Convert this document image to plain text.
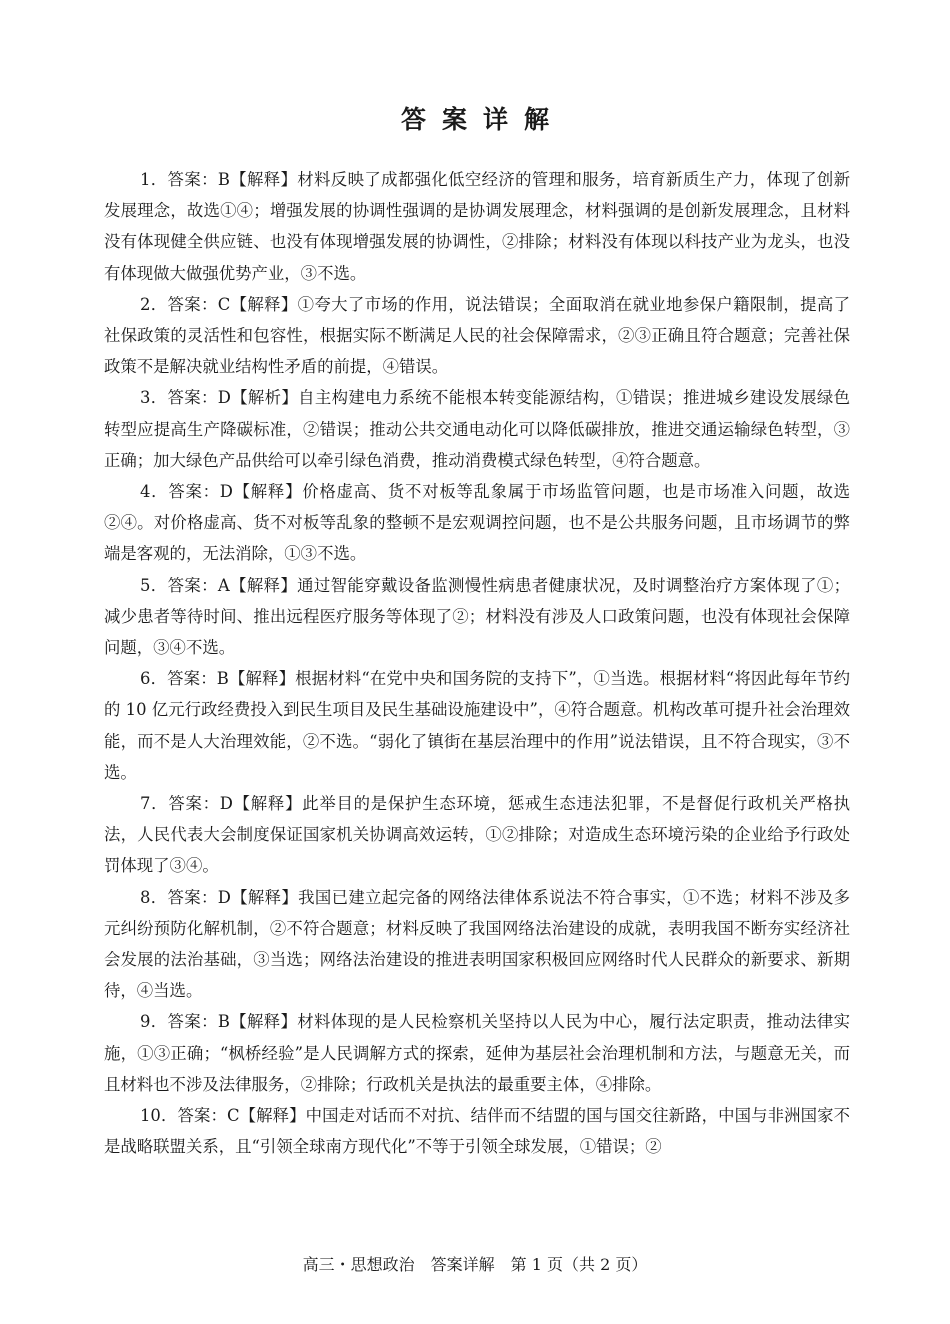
答案详解

1．答案：B【解释】材料反映了成都强化低空经济的管理和服务，培育新质生产力，体现了创新发展理念，故选①④；增强发展的协调性强调的是协调发展理念，材料强调的是创新发展理念，且材料没有体现健全供应链、也没有体现增强发展的协调性，②排除；材料没有体现以科技产业为龙头，也没有体现做大做强优势产业，③不选。

2．答案：C【解释】①夸大了市场的作用，说法错误；全面取消在就业地参保户籍限制，提高了社保政策的灵活性和包容性，根据实际不断满足人民的社会保障需求，②③正确且符合题意；完善社保政策不是解决就业结构性矛盾的前提，④错误。

3．答案：D【解析】自主构建电力系统不能根本转变能源结构，①错误；推进城乡建设发展绿色转型应提高生产降碳标准，②错误；推动公共交通电动化可以降低碳排放，推进交通运输绿色转型，③正确；加大绿色产品供给可以牵引绿色消费，推动消费模式绿色转型，④符合题意。

4．答案：D【解释】价格虚高、货不对板等乱象属于市场监管问题，也是市场准入问题，故选②④。对价格虚高、货不对板等乱象的整顿不是宏观调控问题，也不是公共服务问题，且市场调节的弊端是客观的，无法消除，①③不选。

5．答案：A【解释】通过智能穿戴设备监测慢性病患者健康状况，及时调整治疗方案体现了①；减少患者等待时间、推出远程医疗服务等体现了②；材料没有涉及人口政策问题，也没有体现社会保障问题，③④不选。

6．答案：B【解释】根据材料“在党中央和国务院的支持下”，①当选。根据材料“将因此每年节约的 10 亿元行政经费投入到民生项目及民生基础设施建设中”，④符合题意。机构改革可提升社会治理效能，而不是人大治理效能，②不选。“弱化了镇街在基层治理中的作用”说法错误，且不符合现实，③不选。

7．答案：D【解释】此举目的是保护生态环境，惩戒生态违法犯罪，不是督促行政机关严格执法，人民代表大会制度保证国家机关协调高效运转，①②排除；对造成生态环境污染的企业给予行政处罚体现了③④。

8．答案：D【解释】我国已建立起完备的网络法律体系说法不符合事实，①不选；材料不涉及多元纠纷预防化解机制，②不符合题意；材料反映了我国网络法治建设的成就，表明我国不断夯实经济社会发展的法治基础，③当选；网络法治建设的推进表明国家积极回应网络时代人民群众的新要求、新期待，④当选。

9．答案：B【解释】材料体现的是人民检察机关坚持以人民为中心，履行法定职责，推动法律实施，①③正确；“枫桥经验”是人民调解方式的探索，延伸为基层社会治理机制和方法，与题意无关，而且材料也不涉及法律服务，②排除；行政机关是执法的最重要主体，④排除。

10．答案：C【解释】中国走对话而不对抗、结伴而不结盟的国与国交往新路，中国与非洲国家不是战略联盟关系，且“引领全球南方现代化”不等于引领全球发展，①错误；②

高三・思想政治　答案详解　第 1 页（共 2 页）
